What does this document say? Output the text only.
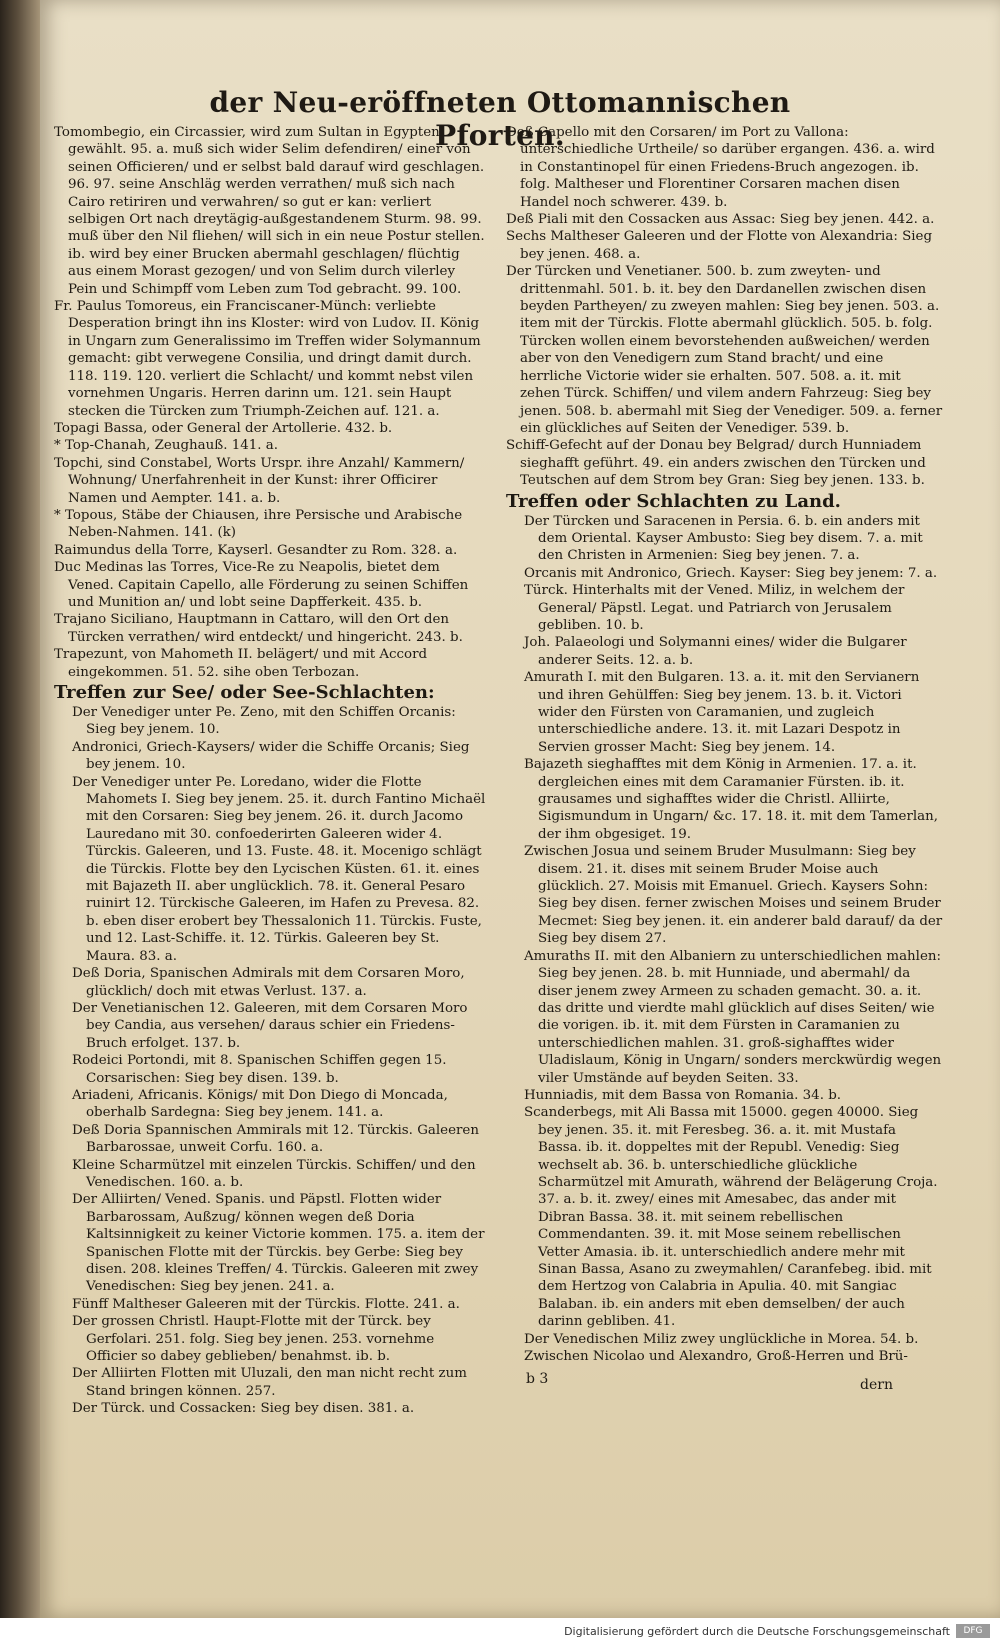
der Neu-eröffneten Ottomannischen Pforten.

Tomombegio, ein Circassier, wird zum Sultan in Egypten gewählt. 95. a. muß sich wider Selim defendiren/ einer von seinen Officieren/ und er selbst bald darauf wird geschlagen. 96. 97. seine Anschläg werden verrathen/ muß sich nach Cairo retiriren und verwahren/ so gut er kan: verliert selbigen Ort nach dreytägig-außgestandenem Sturm. 98. 99. muß über den Nil fliehen/ will sich in ein neue Postur stellen. ib. wird bey einer Brucken abermahl geschlagen/ flüchtig aus einem Morast gezogen/ und von Selim durch vilerley Pein und Schimpff vom Leben zum Tod gebracht. 99. 100.

Fr. Paulus Tomoreus, ein Franciscaner-Münch: verliebte Desperation bringt ihn ins Kloster: wird von Ludov. II. König in Ungarn zum Generalissimo im Treffen wider Solymannum gemacht: gibt verwegene Consilia, und dringt damit durch. 118. 119. 120. verliert die Schlacht/ und kommt nebst vilen vornehmen Ungaris. Herren darinn um. 121. sein Haupt stecken die Türcken zum Triumph-Zeichen auf. 121. a.

Topagi Bassa, oder General der Artollerie. 432. b.

* Top-Chanah, Zeughauß. 141. a.

Topchi, sind Constabel, Worts Urspr. ihre Anzahl/ Kammern/ Wohnung/ Unerfahrenheit in der Kunst: ihrer Officirer Namen und Aempter. 141. a. b.

* Topous, Stäbe der Chiausen, ihre Persische und Arabische Neben-Nahmen. 141. (k)

Raimundus della Torre, Kayserl. Gesandter zu Rom. 328. a.

Duc Medinas las Torres, Vice-Re zu Neapolis, bietet dem Vened. Capitain Capello, alle Förderung zu seinen Schiffen und Munition an/ und lobt seine Dapfferkeit. 435. b.

Trajano Siciliano, Hauptmann in Cattaro, will den Ort den Türcken verrathen/ wird entdeckt/ und hingericht. 243. b.

Trapezunt, von Mahometh II. belägert/ und mit Accord eingekommen. 51. 52. sihe oben Terbozan.

Treffen zur See/ oder See-Schlachten:

Der Venediger unter Pe. Zeno, mit den Schiffen Orcanis: Sieg bey jenem. 10.

Andronici, Griech-Kaysers/ wider die Schiffe Orcanis; Sieg bey jenem. 10.

Der Venediger unter Pe. Loredano, wider die Flotte Mahomets I. Sieg bey jenem. 25. it. durch Fantino Michaël mit den Corsaren: Sieg bey jenem. 26. it. durch Jacomo Lauredano mit 30. confoederirten Galeeren wider 4. Türckis. Galeeren, und 13. Fuste. 48. it. Mocenigo schlägt die Türckis. Flotte bey den Lycischen Küsten. 61. it. eines mit Bajazeth II. aber unglücklich. 78. it. General Pesaro ruinirt 12. Türckische Galeeren, im Hafen zu Prevesa. 82. b. eben diser erobert bey Thessalonich 11. Türckis. Fuste, und 12. Last-Schiffe. it. 12. Türkis. Galeeren bey St. Maura. 83. a.

Deß Doria, Spanischen Admirals mit dem Corsaren Moro, glücklich/ doch mit etwas Verlust. 137. a.

Der Venetianischen 12. Galeeren, mit dem Corsaren Moro bey Candia, aus versehen/ daraus schier ein Friedens-Bruch erfolget. 137. b.

Rodeici Portondi, mit 8. Spanischen Schiffen gegen 15. Corsarischen: Sieg bey disen. 139. b.

Ariadeni, Africanis. Königs/ mit Don Diego di Moncada, oberhalb Sardegna: Sieg bey jenem. 141. a.

Deß Doria Spannischen Ammirals mit 12. Türckis. Galeeren Barbarossae, unweit Corfu. 160. a.

Kleine Scharmützel mit einzelen Türckis. Schiffen/ und den Venedischen. 160. a. b.

Der Alliirten/ Vened. Spanis. und Päpstl. Flotten wider Barbarossam, Außzug/ können wegen deß Doria Kaltsinnigkeit zu keiner Victorie kommen. 175. a. item der Spanischen Flotte mit der Türckis. bey Gerbe: Sieg bey disen. 208. kleines Treffen/ 4. Türckis. Galeeren mit zwey Venedischen: Sieg bey jenen. 241. a.

Fünff Maltheser Galeeren mit der Türckis. Flotte. 241. a.

Der grossen Christl. Haupt-Flotte mit der Türck. bey Gerfolari. 251. folg. Sieg bey jenen. 253. vornehme Officier so dabey geblieben/ benahmst. ib. b.

Der Alliirten Flotten mit Uluzali, den man nicht recht zum Stand bringen können. 257.

Der Türck. und Cossacken: Sieg bey disen. 381. a.

Deß Capello mit den Corsaren/ im Port zu Vallona: unterschiedliche Urtheile/ so darüber ergangen. 436. a. wird in Constantinopel für einen Friedens-Bruch angezogen. ib. folg. Maltheser und Florentiner Corsaren machen disen Handel noch schwerer. 439. b.

Deß Piali mit den Cossacken aus Assac: Sieg bey jenen. 442. a.

Sechs Maltheser Galeeren und der Flotte von Alexandria: Sieg bey jenen. 468. a.

Der Türcken und Venetianer. 500. b. zum zweyten- und drittenmahl. 501. b. it. bey den Dardanellen zwischen disen beyden Partheyen/ zu zweyen mahlen: Sieg bey jenen. 503. a. item mit der Türckis. Flotte abermahl glücklich. 505. b. folg. Türcken wollen einem bevorstehenden außweichen/ werden aber von den Venedigern zum Stand bracht/ und eine herrliche Victorie wider sie erhalten. 507. 508. a. it. mit zehen Türck. Schiffen/ und vilem andern Fahrzeug: Sieg bey jenen. 508. b. abermahl mit Sieg der Venediger. 509. a. ferner ein glückliches auf Seiten der Venediger. 539. b.

Schiff-Gefecht auf der Donau bey Belgrad/ durch Hunniadem sieghafft geführt. 49. ein anders zwischen den Türcken und Teutschen auf dem Strom bey Gran: Sieg bey jenen. 133. b.

Treffen oder Schlachten zu Land.

Der Türcken und Saracenen in Persia. 6. b. ein anders mit dem Oriental. Kayser Ambusto: Sieg bey disem. 7. a. mit den Christen in Armenien: Sieg bey jenen. 7. a.

Orcanis mit Andronico, Griech. Kayser: Sieg bey jenem: 7. a.

Türck. Hinterhalts mit der Vened. Miliz, in welchem der General/ Päpstl. Legat. und Patriarch von Jerusalem gebliben. 10. b.

Joh. Palaeologi und Solymanni eines/ wider die Bulgarer anderer Seits. 12. a. b.

Amurath I. mit den Bulgaren. 13. a. it. mit den Servianern und ihren Gehülffen: Sieg bey jenem. 13. b. it. Victori wider den Fürsten von Caramanien, und zugleich unterschiedliche andere. 13. it. mit Lazari Despotz in Servien grosser Macht: Sieg bey jenem. 14.

Bajazeth sieghafftes mit dem König in Armenien. 17. a. it. dergleichen eines mit dem Caramanier Fürsten. ib. it. grausames und sighafftes wider die Christl. Alliirte, Sigismundum in Ungarn/ &c. 17. 18. it. mit dem Tamerlan, der ihm obgesiget. 19.

Zwischen Josua und seinem Bruder Musulmann: Sieg bey disem. 21. it. dises mit seinem Bruder Moise auch glücklich. 27. Moisis mit Emanuel. Griech. Kaysers Sohn: Sieg bey disen. ferner zwischen Moises und seinem Bruder Mecmet: Sieg bey jenen. it. ein anderer bald darauf/ da der Sieg bey disem 27.

Amuraths II. mit den Albaniern zu unterschiedlichen mahlen: Sieg bey jenen. 28. b. mit Hunniade, und abermahl/ da diser jenem zwey Armeen zu schaden gemacht. 30. a. it. das dritte und vierdte mahl glücklich auf dises Seiten/ wie die vorigen. ib. it. mit dem Fürsten in Caramanien zu unterschiedlichen mahlen. 31. groß-sighafftes wider Uladislaum, König in Ungarn/ sonders merckwürdig wegen viler Umstände auf beyden Seiten. 33.

Hunniadis, mit dem Bassa von Romania. 34. b.

Scanderbegs, mit Ali Bassa mit 15000. gegen 40000. Sieg bey jenen. 35. it. mit Feresbeg. 36. a. it. mit Mustafa Bassa. ib. it. doppeltes mit der Republ. Venedig: Sieg wechselt ab. 36. b. unterschiedliche glückliche Scharmützel mit Amurath, während der Belägerung Croja. 37. a. b. it. zwey/ eines mit Amesabec, das ander mit Dibran Bassa. 38. it. mit seinem rebellischen Commendanten. 39. it. mit Mose seinem rebellischen Vetter Amasia. ib. it. unterschiedlich andere mehr mit Sinan Bassa, Asano zu zweymahlen/ Caranfebeg. ibid. mit dem Hertzog von Calabria in Apulia. 40. mit Sangiac Balaban. ib. ein anders mit eben demselben/ der auch darinn gebliben. 41.

Der Venedischen Miliz zwey unglückliche in Morea. 54. b.

Zwischen Nicolao und Alexandro, Groß-Herren und Brü-

b 3	dern
Digitalisierung gefördert durch die Deutsche Forschungsgemeinschaft	DFG
